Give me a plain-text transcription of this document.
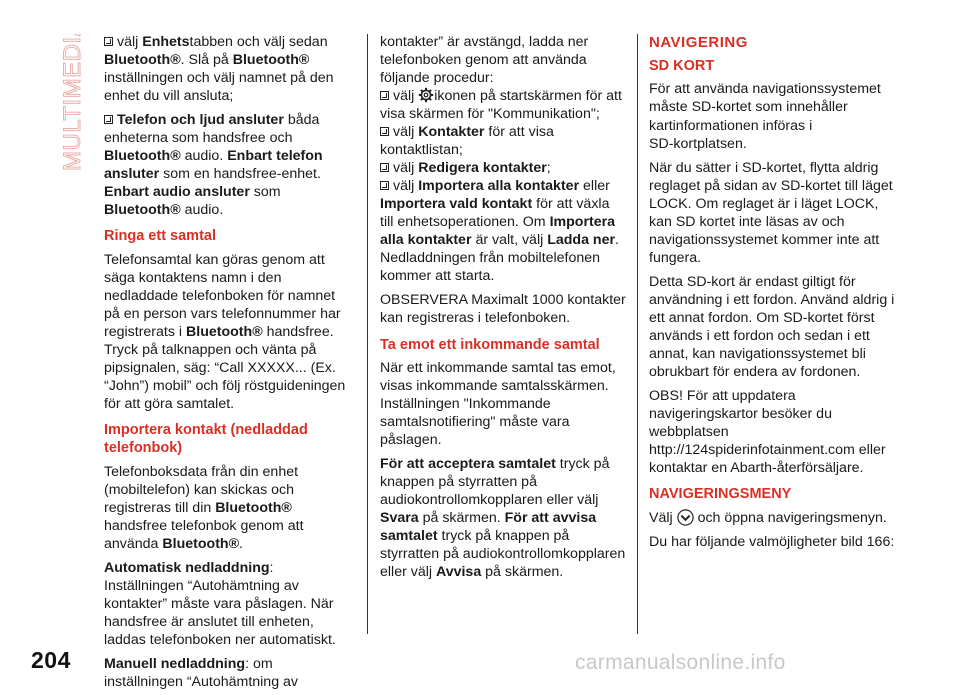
MULTIMEDIA	välj Enhetstabben och välj sedan
Bluetooth®. Slå på Bluetooth®
inställningen och välj namnet på den
enhet du vill ansluta;

Telefon och ljud ansluter båda
enheterna som handsfree och
Bluetooth® audio. Enbart telefon
ansluter som en handsfree-enhet.
Enbart audio ansluter som
Bluetooth® audio.

Ringa ett samtal

Telefonsamtal kan göras genom att
säga kontaktens namn i den
nedladdade telefonboken för namnet
på en person vars telefonnummer har
registrerats i Bluetooth® handsfree.
Tryck på talknappen och vänta på
pipsignalen, säg: “Call XXXXX... (Ex.
“John”) mobil” och följ röstguideningen
för att göra samtalet.

Importera kontakt (nedladdad telefonbok)

Telefonboksdata från din enhet
(mobiltelefon) kan skickas och
registreras till din Bluetooth®
handsfree telefonbok genom att
använda Bluetooth®.

Automatisk nedladdning:
Inställningen “Autohämtning av
kontakter” måste vara påslagen. När
handsfree är anslutet till enheten,
laddas telefonboken ner automatiskt.

Manuell nedladdning: om
inställningen “Autohämtning av

kontakter” är avstängd, ladda ner
telefonboken genom att använda
följande procedur:
välj ikonen på startskärmen för att
visa skärmen för "Kommunikation";
välj Kontakter för att visa
kontaktlistan;
välj Redigera kontakter;
välj Importera alla kontakter eller
Importera vald kontakt för att växla
till enhetsoperationen. Om Importera
alla kontakter är valt, välj Ladda ner.
Nedladdningen från mobiltelefonen
kommer att starta.

OBSERVERA Maximalt 1000 kontakter
kan registreras i telefonboken.

Ta emot ett inkommande samtal

När ett inkommande samtal tas emot,
visas inkommande samtalsskärmen.
Inställningen "Inkommande
samtalsnotifiering" måste vara
påslagen.

För att acceptera samtalet tryck på
knappen på styrratten på
audiokontrollomkopplaren eller välj
Svara på skärmen. För att avvisa
samtalet tryck på knappen på
styrratten på audiokontrollomkopplaren
eller välj Avvisa på skärmen.

NAVIGERING
SD KORT

För att använda navigationssystemet
måste SD-kortet som innehåller
kartinformationen införas i
SD-kortplatsen.

När du sätter i SD-kortet, flytta aldrig
reglaget på sidan av SD-kortet till läget
LOCK. Om reglaget är i läget LOCK,
kan SD kortet inte läsas av och
navigationssystemet kommer inte att
fungera.

Detta SD-kort är endast giltigt för
användning i ett fordon. Använd aldrig i
ett annat fordon. Om SD-kortet först
används i ett fordon och sedan i ett
annat, kan navigationssystemet bli
obrukbart för endera av fordonen.

OBS! För att uppdatera
navigeringskartor besöker du
webbplatsen
http://124spiderinfotainment.com eller
kontaktar en Abarth-återförsäljare.

NAVIGERINGSMENY

Välj  och öppna navigeringsmenyn.

Du har följande valmöjligheter bild 166:

204	carmanualsonline.info
